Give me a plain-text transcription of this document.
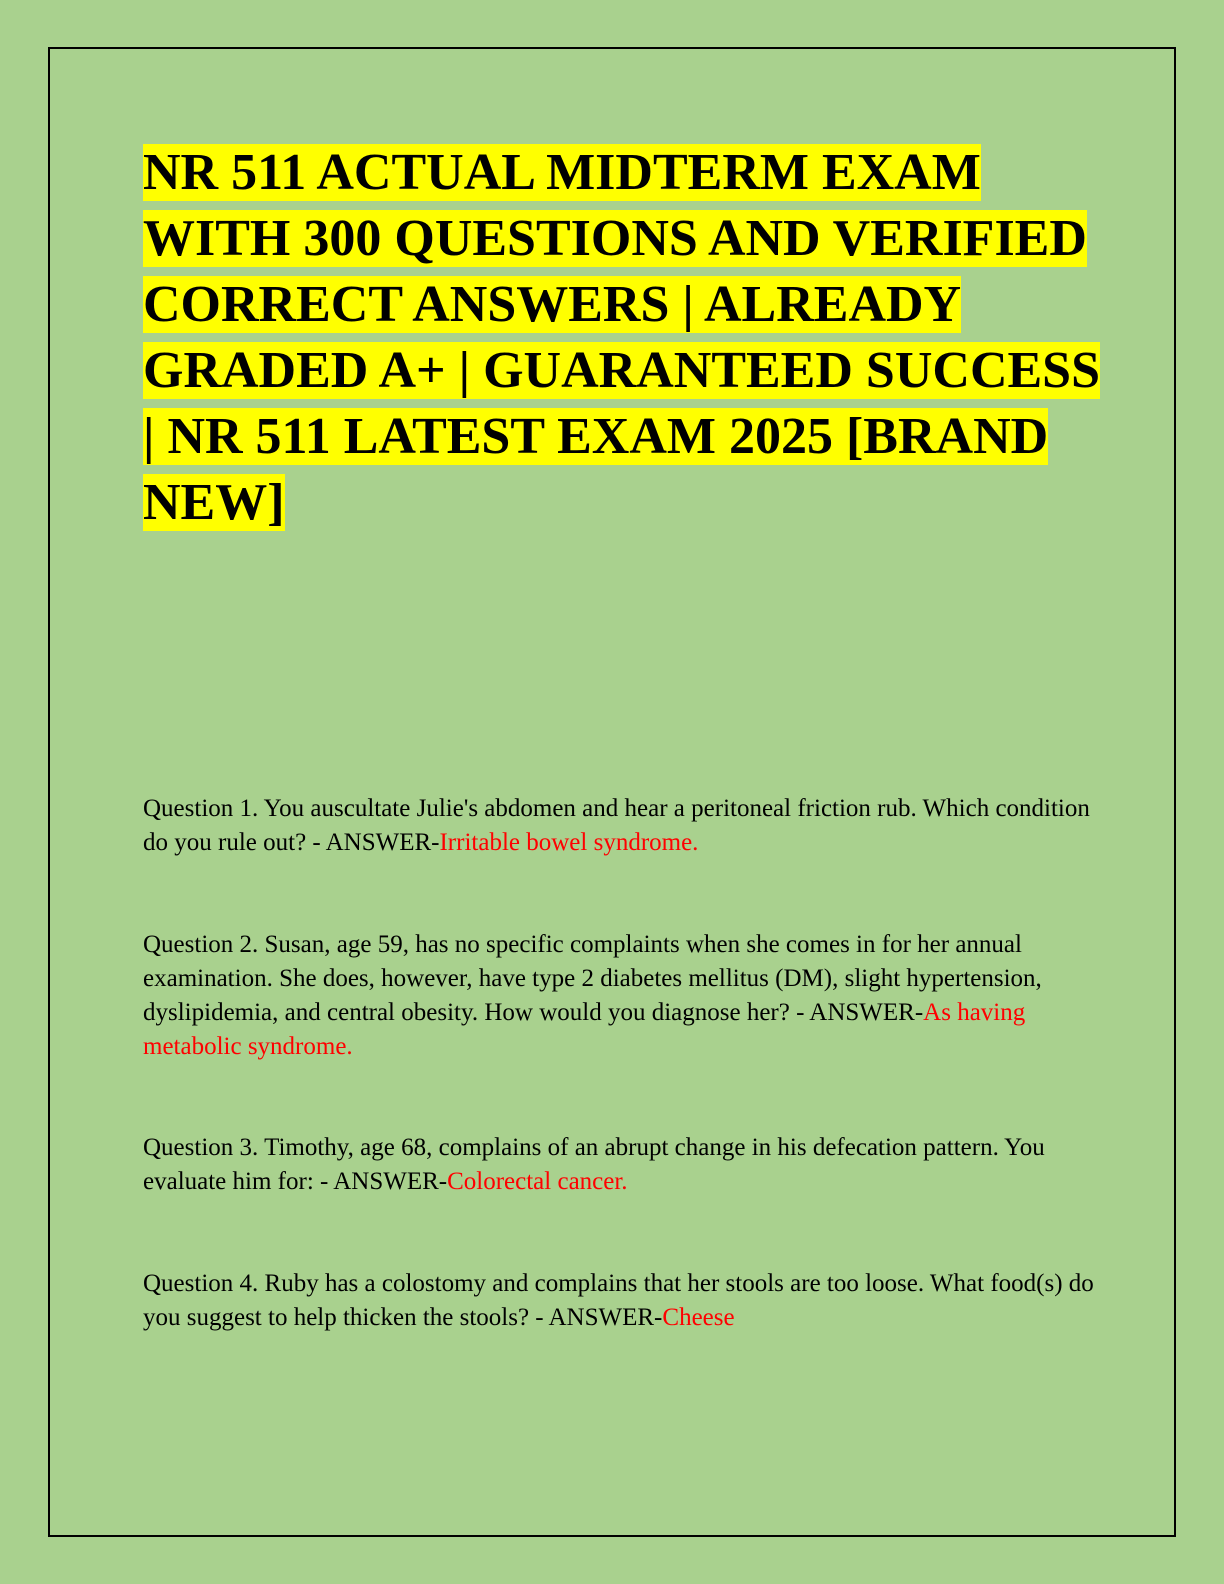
NR 511 ACTUAL MIDTERM EXAM WITH 300 QUESTIONS AND VERIFIED CORRECT ANSWERS | ALREADY GRADED A+ | GUARANTEED SUCCESS | NR 511 LATEST EXAM 2025 [BRAND NEW]

Question 1. You auscultate Julie's abdomen and hear a peritoneal friction rub. Which condition do you rule out? - ANSWER-Irritable bowel syndrome.

Question 2. Susan, age 59, has no specific complaints when she comes in for her annual examination. She does, however, have type 2 diabetes mellitus (DM), slight hypertension, dyslipidemia, and central obesity. How would you diagnose her? - ANSWER-As having metabolic syndrome.

Question 3. Timothy, age 68, complains of an abrupt change in his defecation pattern. You evaluate him for: - ANSWER-Colorectal cancer.

Question 4. Ruby has a colostomy and complains that her stools are too loose. What food(s) do you suggest to help thicken the stools? - ANSWER-Cheese
